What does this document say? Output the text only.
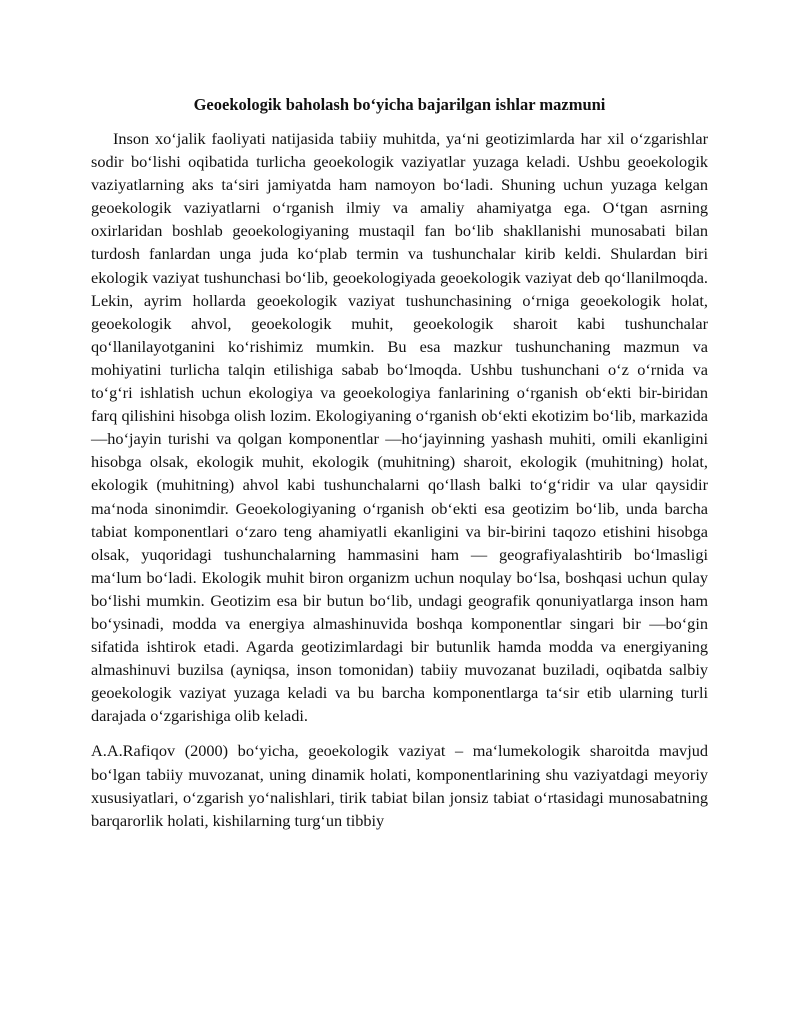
Geoekologik baholash bo‘yicha bajarilgan ishlar mazmuni

Inson xo‘jalik faoliyati natijasida tabiiy muhitda, ya‘ni geotizimlarda har xil o‘zgarishlar sodir bo‘lishi oqibatida turlicha geoekologik vaziyatlar yuzaga keladi. Ushbu geoekologik vaziyatlarning aks ta‘siri jamiyatda ham namoyon bo‘ladi. Shuning uchun yuzaga kelgan geoekologik vaziyatlarni o‘rganish ilmiy va amaliy ahamiyatga ega. O‘tgan asrning oxirlaridan boshlab geoekologiyaning mustaqil fan bo‘lib shakllanishi munosabati bilan turdosh fanlardan unga juda ko‘plab termin va tushunchalar kirib keldi. Shulardan biri ekologik vaziyat tushunchasi bo‘lib, geoekologiyada geoekologik vaziyat deb qo‘llanilmoqda. Lekin, ayrim hollarda geoekologik vaziyat tushunchasining o‘rniga geoekologik holat, geoekologik ahvol, geoekologik muhit, geoekologik sharoit kabi tushunchalar qo‘llanilayotganini ko‘rishimiz mumkin. Bu esa mazkur tushunchaning mazmun va mohiyatini turlicha talqin etilishiga sabab bo‘lmoqda. Ushbu tushunchani o‘z o‘rnida va to‘g‘ri ishlatish uchun ekologiya va geoekologiya fanlarining o‘rganish ob‘ekti bir-biridan farq qilishini hisobga olish lozim. Ekologiyaning o‘rganish ob‘ekti ekotizim bo‘lib, markazida —ho‘jayin turishi va qolgan komponentlar —ho‘jayinning yashash muhiti, omili ekanligini hisobga olsak, ekologik muhit, ekologik (muhitning) sharoit, ekologik (muhitning) holat, ekologik (muhitning) ahvol kabi tushunchalarni qo‘llash balki to‘g‘ridir va ular qaysidir ma‘noda sinonimdir. Geoekologiyaning o‘rganish ob‘ekti esa geotizim bo‘lib, unda barcha tabiat komponentlari o‘zaro teng ahamiyatli ekanligini va bir-birini taqozo etishini hisobga olsak, yuqoridagi tushunchalarning hammasini ham — geografiyalashtirib bo‘lmasligi ma‘lum bo‘ladi. Ekologik muhit biron organizm uchun noqulay bo‘lsa, boshqasi uchun qulay bo‘lishi mumkin. Geotizim esa bir butun bo‘lib, undagi geografik qonuniyatlarga inson ham bo‘ysinadi, modda va energiya almashinuvida boshqa komponentlar singari bir —bo‘gin sifatida ishtirok etadi. Agarda geotizimlardagi bir butunlik hamda modda va energiyaning almashinuvi buzilsa (ayniqsa, inson tomonidan) tabiiy muvozanat buziladi, oqibatda salbiy geoekologik vaziyat yuzaga keladi va bu barcha komponentlarga ta‘sir etib ularning turli darajada o‘zgarishiga olib keladi.

A.A.Rafiqov (2000) bo‘yicha, geoekologik vaziyat – ma‘lumekologik sharoitda mavjud bo‘lgan tabiiy muvozanat, uning dinamik holati, komponentlarining shu vaziyatdagi meyoriy xususiyatlari, o‘zgarish yo‘nalishlari, tirik tabiat bilan jonsiz tabiat o‘rtasidagi munosabatning barqarorlik holati, kishilarning turg‘un tibbiy
